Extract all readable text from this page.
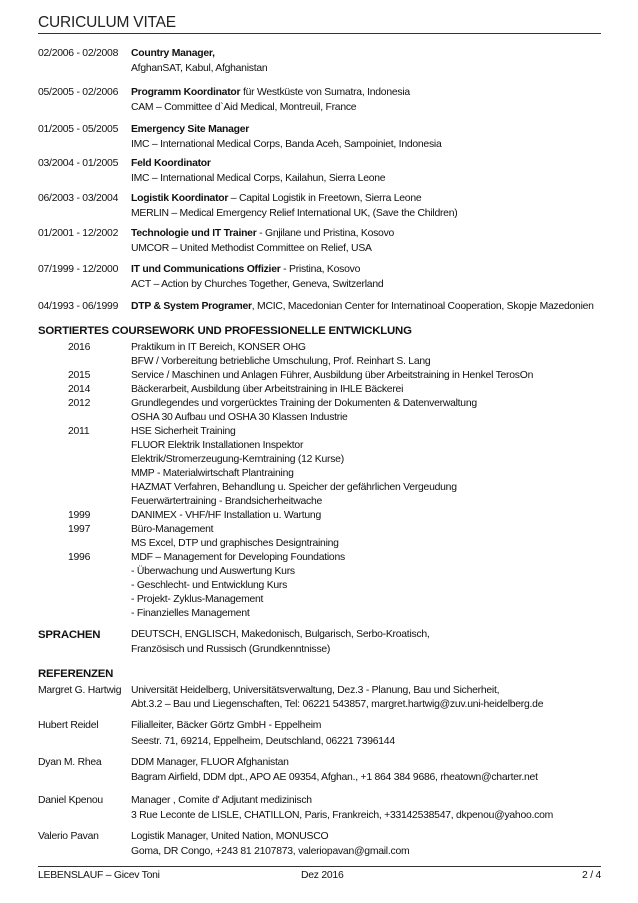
CURICULUM VITAE
02/2006 - 02/2008 Country Manager,
AfghanSAT, Kabul, Afghanistan
05/2005 - 02/2006 Programm Koordinator für Westküste von Sumatra, Indonesia
CAM – Committee d`Aid Medical, Montreuil, France
01/2005 - 05/2005 Emergency Site Manager
IMC – International Medical Corps, Banda Aceh, Sampoiniet, Indonesia
03/2004 - 01/2005 Feld Koordinator
IMC – International Medical Corps, Kailahun, Sierra Leone
06/2003 - 03/2004 Logistik Koordinator – Capital Logistik in Freetown, Sierra Leone
MERLIN – Medical Emergency Relief International UK, (Save the Children)
01/2001 - 12/2002 Technologie und IT Trainer - Gnjilane und Pristina, Kosovo
UMCOR – United Methodist Committee on Relief, USA
07/1999 - 12/2000 IT und Communications Offizier - Pristina, Kosovo
ACT – Action by Churches Together, Geneva, Switzerland
04/1993 - 06/1999 DTP & System Programer, MCIC, Macedonian Center for Internatinoal Cooperation, Skopje Mazedonien
SORTIERTES COURSEWORK UND PROFESSIONELLE ENTWICKLUNG
2016	Praktikum in IT Bereich, KONSER OHG
BFW / Vorbereitung betriebliche Umschulung, Prof. Reinhart S. Lang
2015	Service / Maschinen und Anlagen Führer, Ausbildung über Arbeitstraining in Henkel TerosOn
2014	Bäckerarbeit, Ausbildung über Arbeitstraining in IHLE Bäckerei
2012	Grundlegendes und vorgerücktes Training der Dokumenten & Datenverwaltung
OSHA 30 Aufbau und OSHA 30 Klassen Industrie
2011	HSE Sicherheit Training
FLUOR Elektrik Installationen Inspektor
Elektrik/Stromerzeugung-Kerntraining (12 Kurse)
MMP - Materialwirtschaft Plantraining
HAZMAT Verfahren, Behandlung u. Speicher der gefährlichen Vergeudung
Feuerwärtertraining - Brandsicherheitwache
1999	DANIMEX - VHF/HF Installation u. Wartung
1997	Büro-Management
MS Excel, DTP und graphisches Designtraining
1996	MDF – Management for Developing Foundations
- Überwachung und Auswertung Kurs
- Geschlecht- und Entwicklung Kurs
- Projekt- Zyklus-Management
- Finanzielles Management
SPRACHEN	DEUTSCH, ENGLISCH, Makedonisch, Bulgarisch, Serbo-Kroatisch,
Französisch und Russisch (Grundkenntnisse)
REFERENZEN
Margret G. Hartwig Universität Heidelberg, Universitätsverwaltung, Dez.3 - Planung, Bau und Sicherheit,
Abt.3.2 – Bau und Liegenschaften, Tel: 06221 543857, margret.hartwig@zuv.uni-heidelberg.de
Hubert Reidel	Filialleiter, Bäcker Görtz GmbH - Eppelheim
Seestr. 71, 69214, Eppelheim, Deutschland, 06221 7396144
Dyan M. Rhea	DDM Manager, FLUOR Afghanistan
Bagram Airfield, DDM dpt., APO AE 09354, Afghan., +1 864 384 9686, rheatown@charter.net
Daniel Kpenou	Manager , Comite d' Adjutant medizinisch
3 Rue Leconte de LISLE, CHATILLON, Paris, Frankreich, +33142538547, dkpenou@yahoo.com
Valerio Pavan	Logistik Manager, United Nation, MONUSCO
Goma, DR Congo, +243 81 2107873, valeriopavan@gmail.com
LEBENSLAUF – Gicev Toni	Dez 2016	2 / 4
